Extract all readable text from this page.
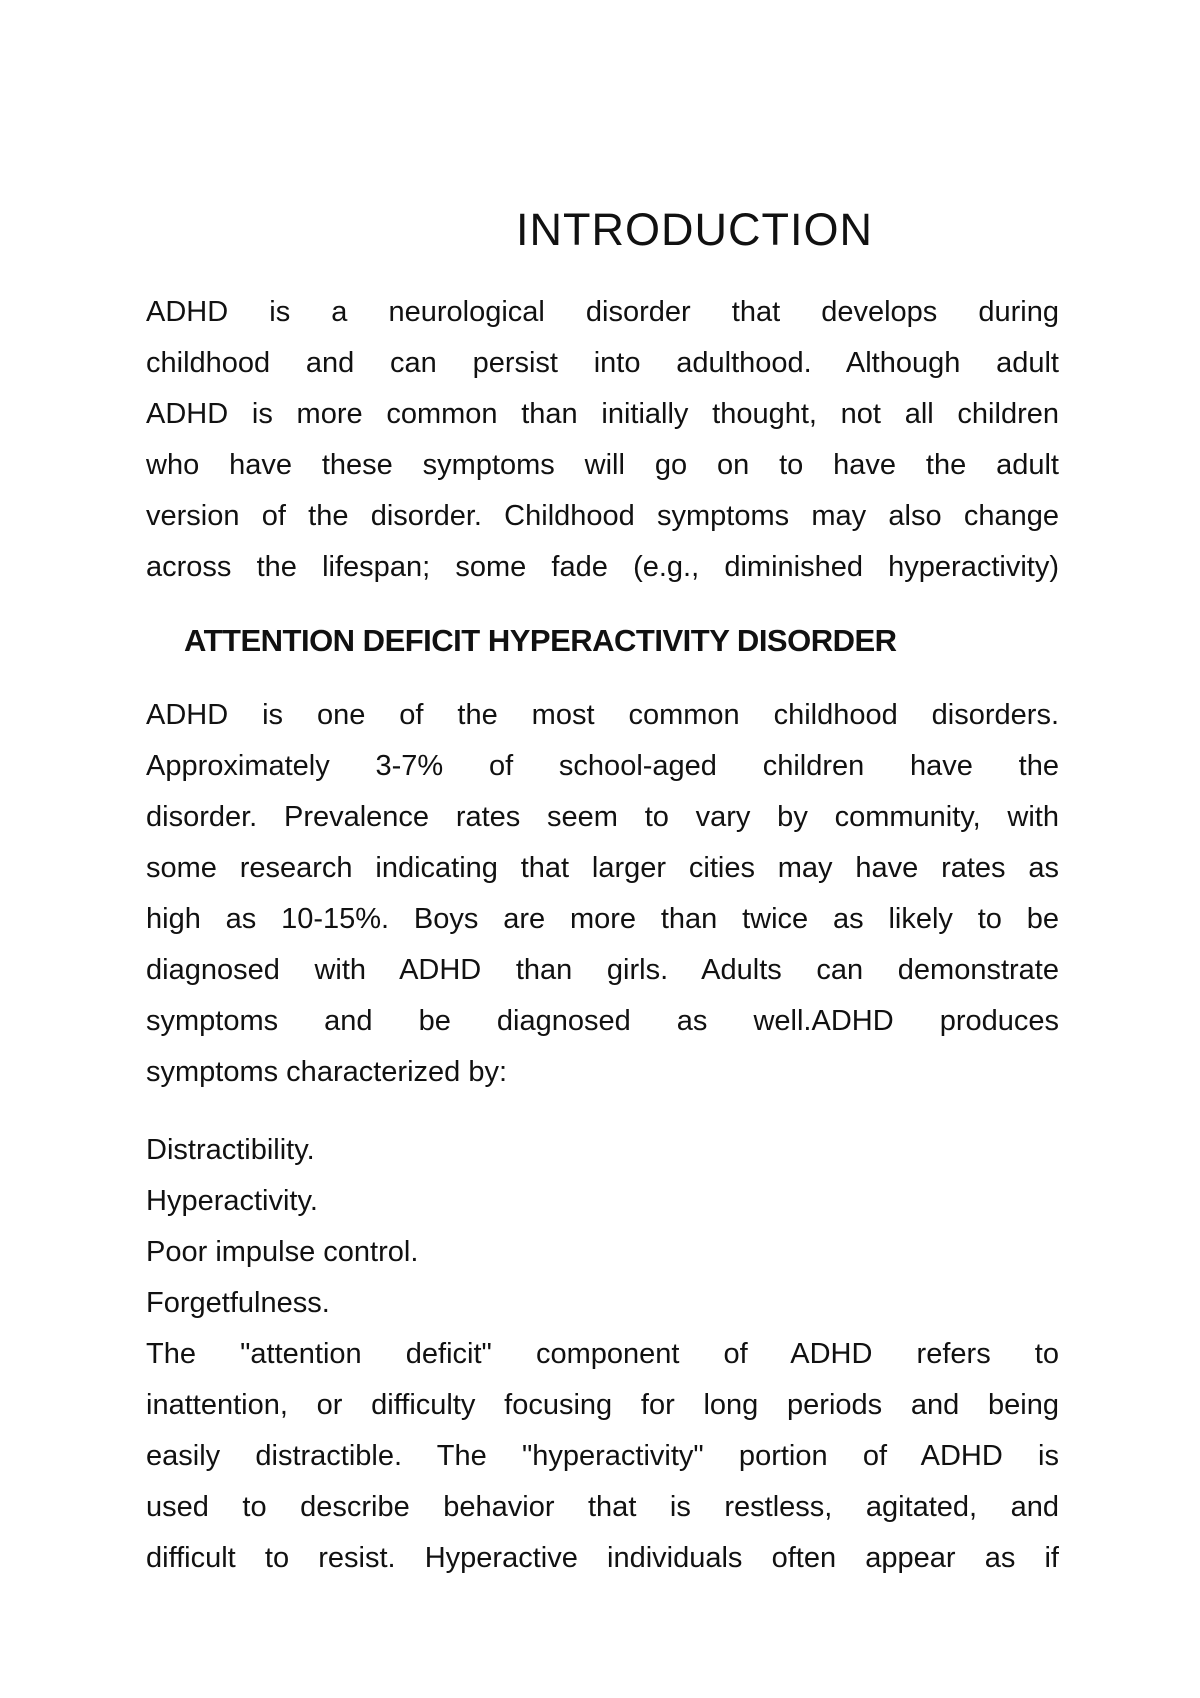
INTRODUCTION

ADHD is a neurological disorder that develops during
childhood and can persist into adulthood. Although adult
ADHD is more common than initially thought, not all children
who have these symptoms will go on to have the adult
version of the disorder. Childhood symptoms may also change
across the lifespan; some fade (e.g., diminished hyperactivity)

ATTENTION DEFICIT HYPERACTIVITY DISORDER

ADHD is one of the most common childhood disorders.
Approximately 3-7% of school-aged children have the
disorder. Prevalence rates seem to vary by community, with
some research indicating that larger cities may have rates as
high as 10-15%. Boys are more than twice as likely to be
diagnosed with ADHD than girls. Adults can demonstrate
symptoms and be diagnosed as well.ADHD produces
symptoms characterized by:

Distractibility.
Hyperactivity.
Poor impulse control.
Forgetfulness.

The "attention deficit" component of ADHD refers to
inattention, or difficulty focusing for long periods and being
easily distractible. The "hyperactivity" portion of ADHD is
used to describe behavior that is restless, agitated, and
difficult to resist. Hyperactive individuals often appear as if
